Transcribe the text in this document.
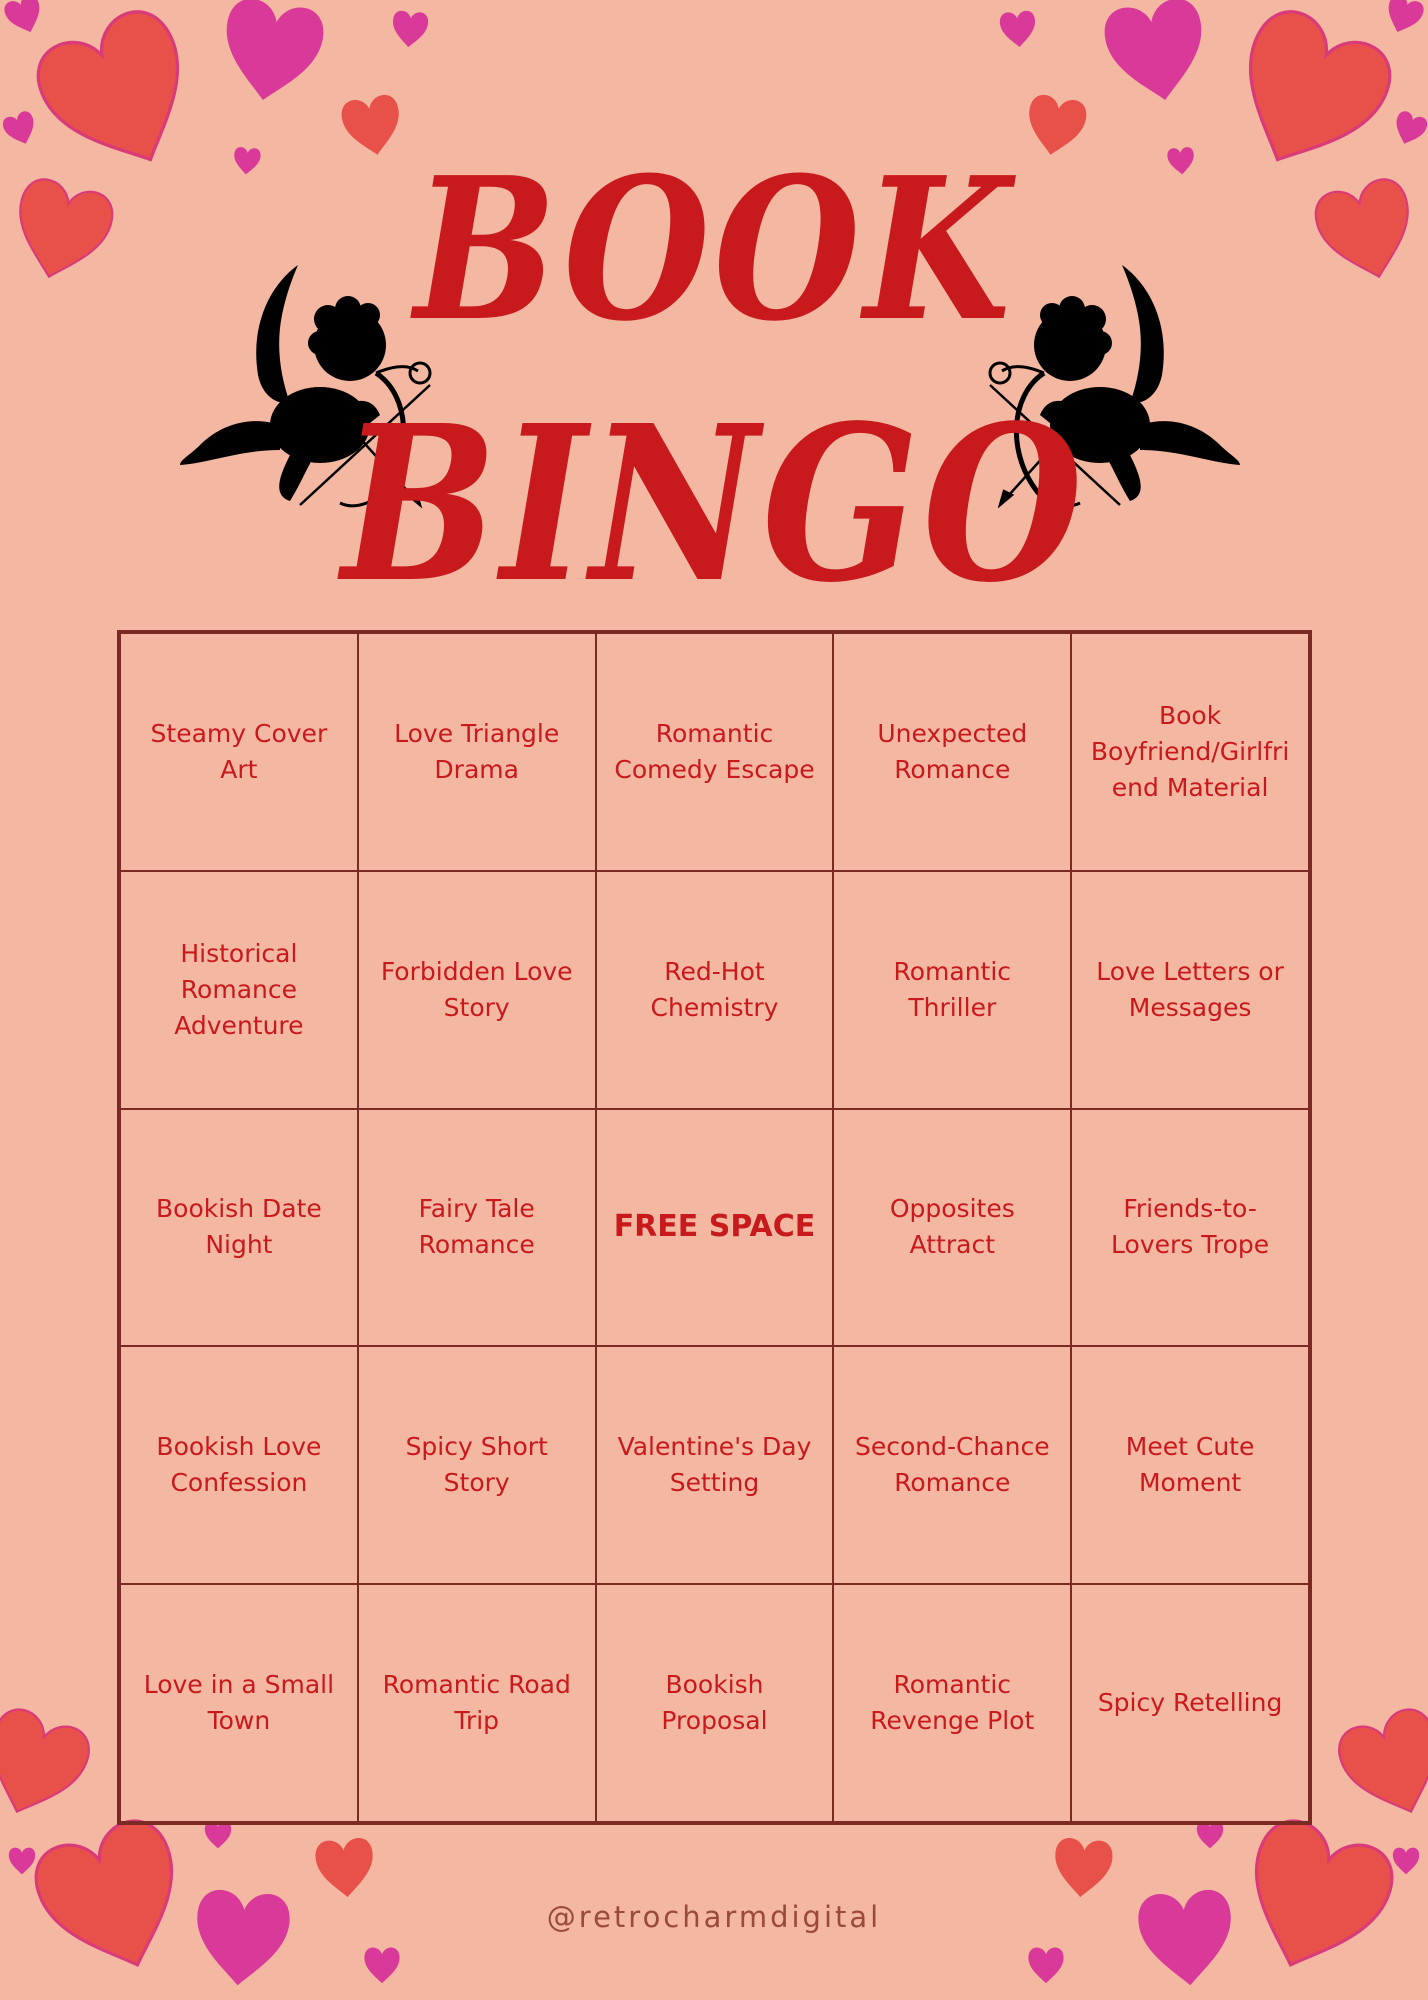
BOOK
BINGO
Steamy Cover Art
Love Triangle Drama
Romantic Comedy Escape
Unexpected Romance
Book Boyfriend/Girlfriend Material
Historical Romance Adventure
Forbidden Love Story
Red-Hot Chemistry
Romantic Thriller
Love Letters or Messages
Bookish Date Night
Fairy Tale Romance
FREE SPACE
Opposites Attract
Friends-to-Lovers Trope
Bookish Love Confession
Spicy Short Story
Valentine's Day Setting
Second-Chance Romance
Meet Cute Moment
Love in a Small Town
Romantic Road Trip
Bookish Proposal
Romantic Revenge Plot
Spicy Retelling
@retrocharmdigital
